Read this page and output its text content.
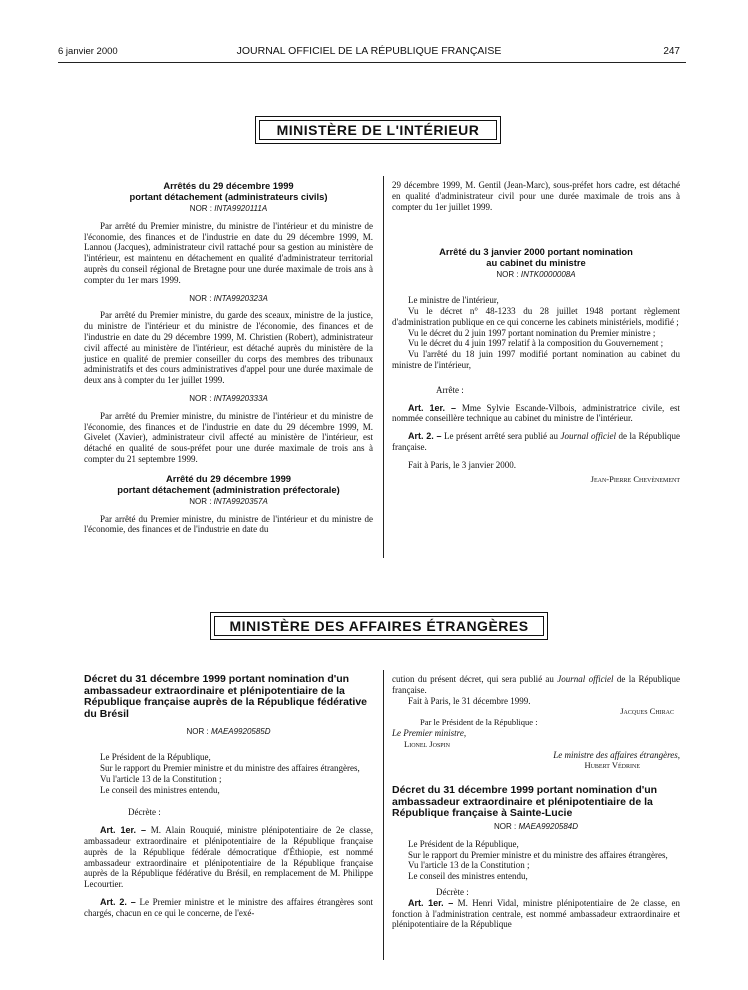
6 janvier 2000	JOURNAL OFFICIEL DE LA RÉPUBLIQUE FRANÇAISE	247
MINISTÈRE DE L'INTÉRIEUR
Arrêtés du 29 décembre 1999
portant détachement (administrateurs civils)
NOR : INTA9920111A

Par arrêté du Premier ministre, du ministre de l'intérieur et du ministre de l'économie, des finances et de l'industrie en date du 29 décembre 1999, M. Lannou (Jacques), administrateur civil rattaché pour sa gestion au ministère de l'intérieur, est maintenu en détachement en qualité d'administrateur territorial auprès du conseil régional de Bretagne pour une durée maximale de trois ans à compter du 1er mars 1999.

NOR : INTA9920323A

Par arrêté du Premier ministre, du garde des sceaux, ministre de la justice, du ministre de l'intérieur et du ministre de l'économie, des finances et de l'industrie en date du 29 décembre 1999, M. Christien (Robert), administrateur civil affecté au ministère de l'intérieur, est détaché auprès du ministère de la justice en qualité de premier conseiller du corps des membres des tribunaux administratifs et des cours administratives d'appel pour une durée maximale de deux ans à compter du 1er juillet 1999.

NOR : INTA9920333A

Par arrêté du Premier ministre, du ministre de l'intérieur et du ministre de l'économie, des finances et de l'industrie en date du 29 décembre 1999, M. Givelet (Xavier), administrateur civil affecté au ministère de l'intérieur, est détaché en qualité de sous-préfet pour une durée maximale de trois ans à compter du 21 septembre 1999.

Arrêté du 29 décembre 1999
portant détachement (administration préfectorale)
NOR : INTA9920357A

Par arrêté du Premier ministre, du ministre de l'intérieur et du ministre de l'économie, des finances et de l'industrie en date du

29 décembre 1999, M. Gentil (Jean-Marc), sous-préfet hors cadre, est détaché en qualité d'administrateur civil pour une durée maximale de trois ans à compter du 1er juillet 1999.

Arrêté du 3 janvier 2000 portant nomination
au cabinet du ministre
NOR : INTK0000008A

Le ministre de l'intérieur,

Vu le décret n° 48-1233 du 28 juillet 1948 portant règlement d'administration publique en ce qui concerne les cabinets ministériels, modifié ;

Vu le décret du 2 juin 1997 portant nomination du Premier ministre ;

Vu le décret du 4 juin 1997 relatif à la composition du Gouvernement ;

Vu l'arrêté du 18 juin 1997 modifié portant nomination au cabinet du ministre de l'intérieur,

Arrête :

Art. 1er. – Mme Sylvie Escande-Vilbois, administratrice civile, est nommée conseillère technique au cabinet du ministre de l'intérieur.

Art. 2. – Le présent arrêté sera publié au Journal officiel de la République française.

Fait à Paris, le 3 janvier 2000.

Jean-Pierre Chevènement
MINISTÈRE DES AFFAIRES ÉTRANGÈRES
Décret du 31 décembre 1999 portant nomination d'un ambassadeur extraordinaire et plénipotentiaire de la République française auprès de la République fédérative du Brésil
NOR : MAEA9920585D

Le Président de la République,

Sur le rapport du Premier ministre et du ministre des affaires étrangères,

Vu l'article 13 de la Constitution ;

Le conseil des ministres entendu,

Décrète :

Art. 1er. – M. Alain Rouquié, ministre plénipotentiaire de 2e classe, ambassadeur extraordinaire et plénipotentiaire de la République française auprès de la République fédérale démocratique d'Éthiopie, est nommé ambassadeur extraordinaire et plénipotentiaire de la République française auprès de la République fédérative du Brésil, en remplacement de M. Philippe Lecourtier.

Art. 2. – Le Premier ministre et le ministre des affaires étrangères sont chargés, chacun en ce qui le concerne, de l'exé-

cution du présent décret, qui sera publié au Journal officiel de la République française.

Fait à Paris, le 31 décembre 1999.

Jacques Chirac

Par le Président de la République :

Le Premier ministre,
Lionel Jospin
Le ministre des affaires étrangères,
Hubert Védrine
Décret du 31 décembre 1999 portant nomination d'un ambassadeur extraordinaire et plénipotentiaire de la République française à Sainte-Lucie
NOR : MAEA9920584D

Le Président de la République,

Sur le rapport du Premier ministre et du ministre des affaires étrangères,

Vu l'article 13 de la Constitution ;

Le conseil des ministres entendu,

Décrète :

Art. 1er. – M. Henri Vidal, ministre plénipotentiaire de 2e classe, en fonction à l'administration centrale, est nommé ambassadeur extraordinaire et plénipotentiaire de la République
